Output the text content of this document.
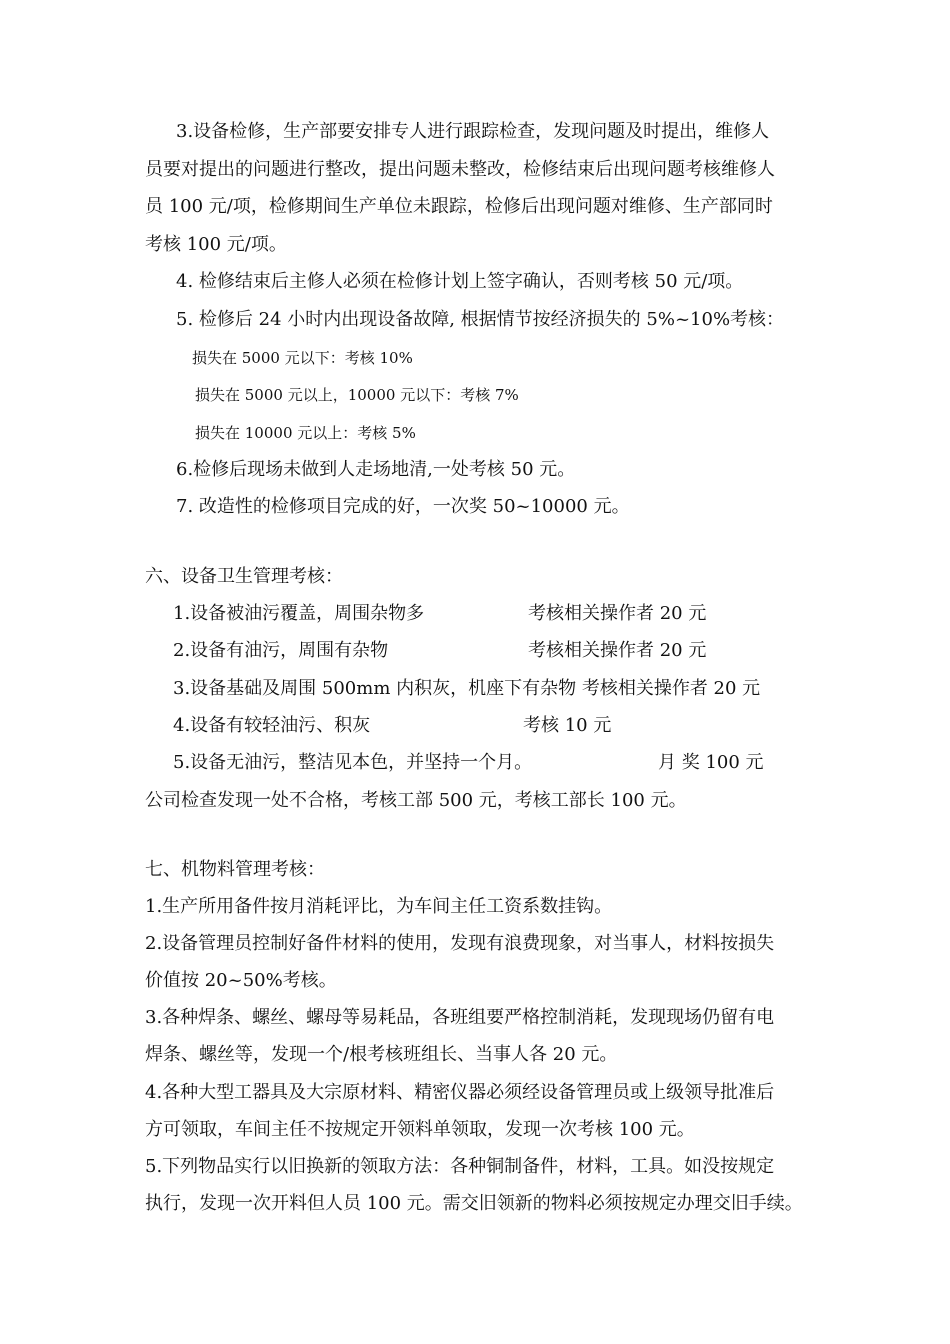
3.设备检修，生产部要安排专人进行跟踪检查，发现问题及时提出，维修人
员要对提出的问题进行整改，提出问题未整改，检修结束后出现问题考核维修人
员 100 元/项，检修期间生产单位未跟踪，检修后出现问题对维修、生产部同时
考核 100 元/项。
4. 检修结束后主修人必须在检修计划上签字确认，否则考核 50 元/项。
5. 检修后 24 小时内出现设备故障, 根据情节按经济损失的 5%~10%考核：
损失在 5000 元以下：考核 10%
损失在 5000 元以上，10000 元以下：考核 7%
损失在 10000 元以上：考核 5%
6.检修后现场未做到人走场地清,一处考核 50 元。
7. 改造性的检修项目完成的好，一次奖 50~10000 元。
六、设备卫生管理考核：
1.设备被油污覆盖，周围杂物多	考核相关操作者 20 元
2.设备有油污，周围有杂物	考核相关操作者 20 元
3.设备基础及周围 500mm 内积灰，机座下有杂物 考核相关操作者 20 元
4.设备有较轻油污、积灰	考核 10 元
5.设备无油污，整洁见本色，并坚持一个月。	月 奖 100 元
公司检查发现一处不合格，考核工部 500 元，考核工部长 100 元。
七、机物料管理考核：
1.生产所用备件按月消耗评比，为车间主任工资系数挂钩。
2.设备管理员控制好备件材料的使用，发现有浪费现象，对当事人，材料按损失
价值按 20~50%考核。
3.各种焊条、螺丝、螺母等易耗品，各班组要严格控制消耗，发现现场仍留有电
焊条、螺丝等，发现一个/根考核班组长、当事人各 20 元。
4.各种大型工器具及大宗原材料、精密仪器必须经设备管理员或上级领导批准后
方可领取，车间主任不按规定开领料单领取，发现一次考核 100 元。
5.下列物品实行以旧换新的领取方法：各种铜制备件，材料，工具。如没按规定
执行，发现一次开料但人员 100 元。需交旧领新的物料必须按规定办理交旧手续。
